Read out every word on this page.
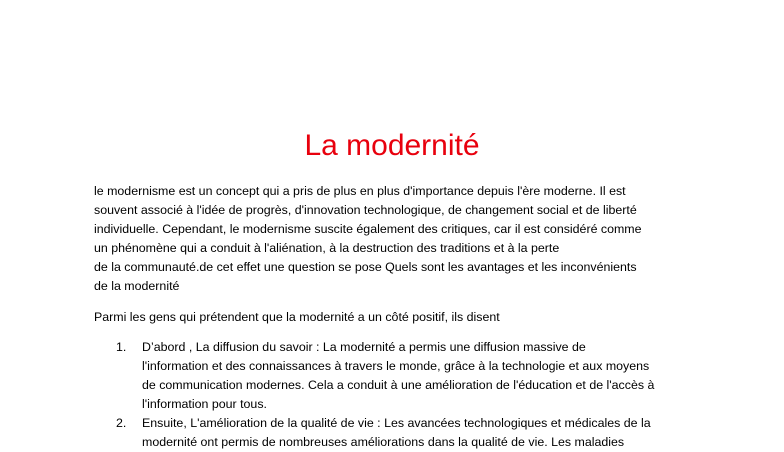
La modernité

le modernisme est un concept qui a pris de plus en plus d'importance depuis l'ère moderne. Il est

souvent associé à l'idée de progrès, d'innovation technologique, de changement social et de liberté

individuelle. Cependant, le modernisme suscite également des critiques, car il est considéré comme

un phénomène qui a conduit à l'aliénation, à la destruction des traditions et à la perte

de la communauté.de cet effet une question se pose Quels sont les avantages et les inconvénients

de la modernité

Parmi les gens qui prétendent que la modernité a un côté positif, ils disent

1. D’abord , La diffusion du savoir : La modernité a permis une diffusion massive de
l'information et des connaissances à travers le monde, grâce à la technologie et aux moyens
de communication modernes. Cela a conduit à une amélioration de l'éducation et de l'accès à
l'information pour tous.
2. Ensuite, L'amélioration de la qualité de vie : Les avancées technologiques et médicales de la
modernité ont permis de nombreuses améliorations dans la qualité de vie. Les maladies
